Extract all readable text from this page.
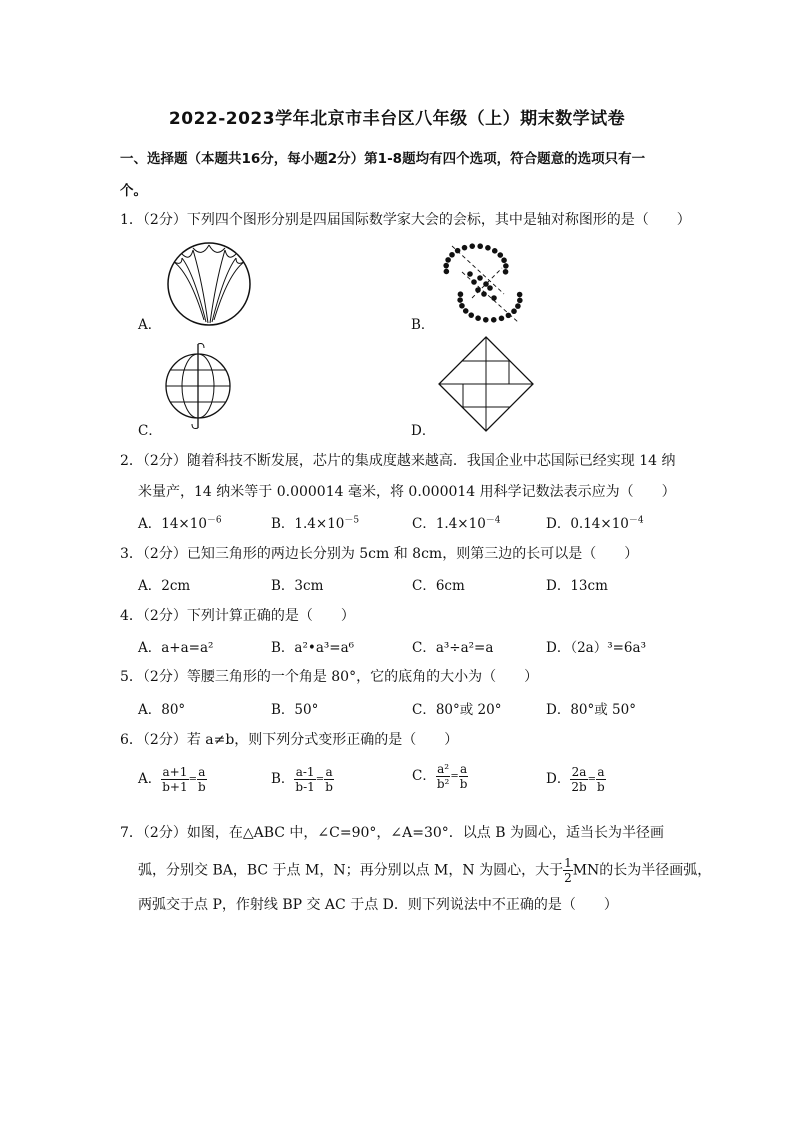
2022-2023学年北京市丰台区八年级（上）期末数学试卷
一、选择题（本题共16分，每小题2分）第1-8题均有四个选项，符合题意的选项只有一
个。
1．（2分）下列四个图形分别是四届国际数学家大会的会标，其中是轴对称图形的是（　　）
A．	B．
C．	D．
2．（2分）随着科技不断发展，芯片的集成度越来越高．我国企业中芯国际已经实现 14 纳
米量产，14 纳米等于 0.000014 毫米，将 0.000014 用科学记数法表示应为（　　）
A．$14\times 10^{-6}$	B．$1.4\times 10^{-5}$	C．$1.4\times 10^{-4}$	D．$0.14\times 10^{-4}$
3．（2分）已知三角形的两边长分别为 5cm 和 8cm，则第三边的长可以是（　　）
A．2cm	B．3cm	C．6cm	D．13cm
4．（2分）下列计算正确的是（　　）
A．a+a=a²	B．a²•a³=a⁶	C．a³÷a²=a	D．（2a）³=6a³
5．（2分）等腰三角形的一个角是 80°，它的底角的大小为（　　）
A．80°	B．50°	C．80°或 20°	D．80°或 50°
6．（2分）若 a≠b，则下列分式变形正确的是（　　）
A． $\frac{a+1}{b+1} = \frac{a}{b}$	B． $\frac{a-1}{b-1} = \frac{a}{b}$	C． $\frac{\text{a²}}{\text{b²}} = \frac{a}{b}$	D． $\frac{2a}{2b} = \frac{a}{b}$
7．（2分）如图，在△ABC 中，∠C=90°，∠A=30°．以点 B 为圆心，适当长为半径画
弧，分别交 BA，BC 于点 M，N；再分别以点 M，N 为圆心，大于 $\frac{1}{2}$ MN的长为半径画弧，
两弧交于点 P，作射线 BP 交 AC 于点 D．则下列说法中不正确的是（　　）
